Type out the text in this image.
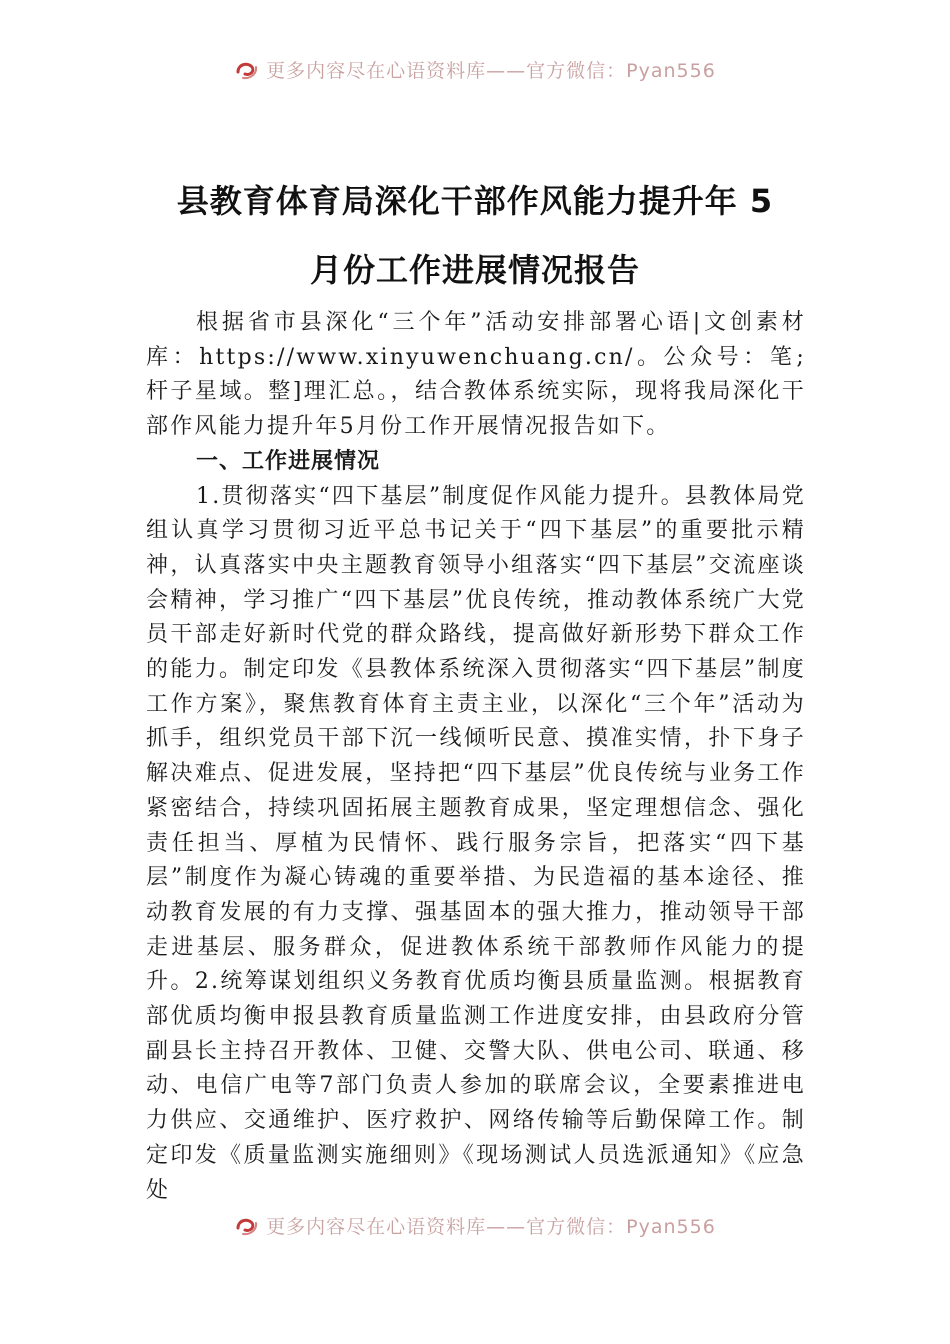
更多内容尽在心语资料库——官方微信：Pyan556
县教育体育局深化干部作风能力提升年 5
月份工作进展情况报告

根据省市县深化“三个年”活动安排部署心语|文创素材库：https://www.xinyuwenchuang.cn/。公众号：笔;杆子星域。整]理汇总。，结合教体系统实际，现将我局深化干部作风能力提升年5月份工作开展情况报告如下。

一、工作进展情况

1.贯彻落实“四下基层”制度促作风能力提升。县教体局党组认真学习贯彻习近平总书记关于“四下基层”的重要批示精神，认真落实中央主题教育领导小组落实“四下基层”交流座谈会精神，学习推广“四下基层”优良传统，推动教体系统广大党员干部走好新时代党的群众路线，提高做好新形势下群众工作的能力。制定印发《县教体系统深入贯彻落实“四下基层”制度工作方案》，聚焦教育体育主责主业，以深化“三个年”活动为抓手，组织党员干部下沉一线倾听民意、摸准实情，扑下身子解决难点、促进发展，坚持把“四下基层”优良传统与业务工作紧密结合，持续巩固拓展主题教育成果，坚定理想信念、强化责任担当、厚植为民情怀、践行服务宗旨，把落实“四下基层”制度作为凝心铸魂的重要举措、为民造福的基本途径、推动教育发展的有力支撑、强基固本的强大推力，推动领导干部走进基层、服务群众，促进教体系统干部教师作风能力的提升。2.统筹谋划组织义务教育优质均衡县质量监测。根据教育部优质均衡申报县教育质量监测工作进度安排，由县政府分管副县长主持召开教体、卫健、交警大队、供电公司、联通、移动、电信广电等7部门负责人参加的联席会议，全要素推进电力供应、交通维护、医疗救护、网络传输等后勤保障工作。制定印发《质量监测实施细则》《现场测试人员选派通知》《应急处

更多内容尽在心语资料库——官方微信：Pyan556
